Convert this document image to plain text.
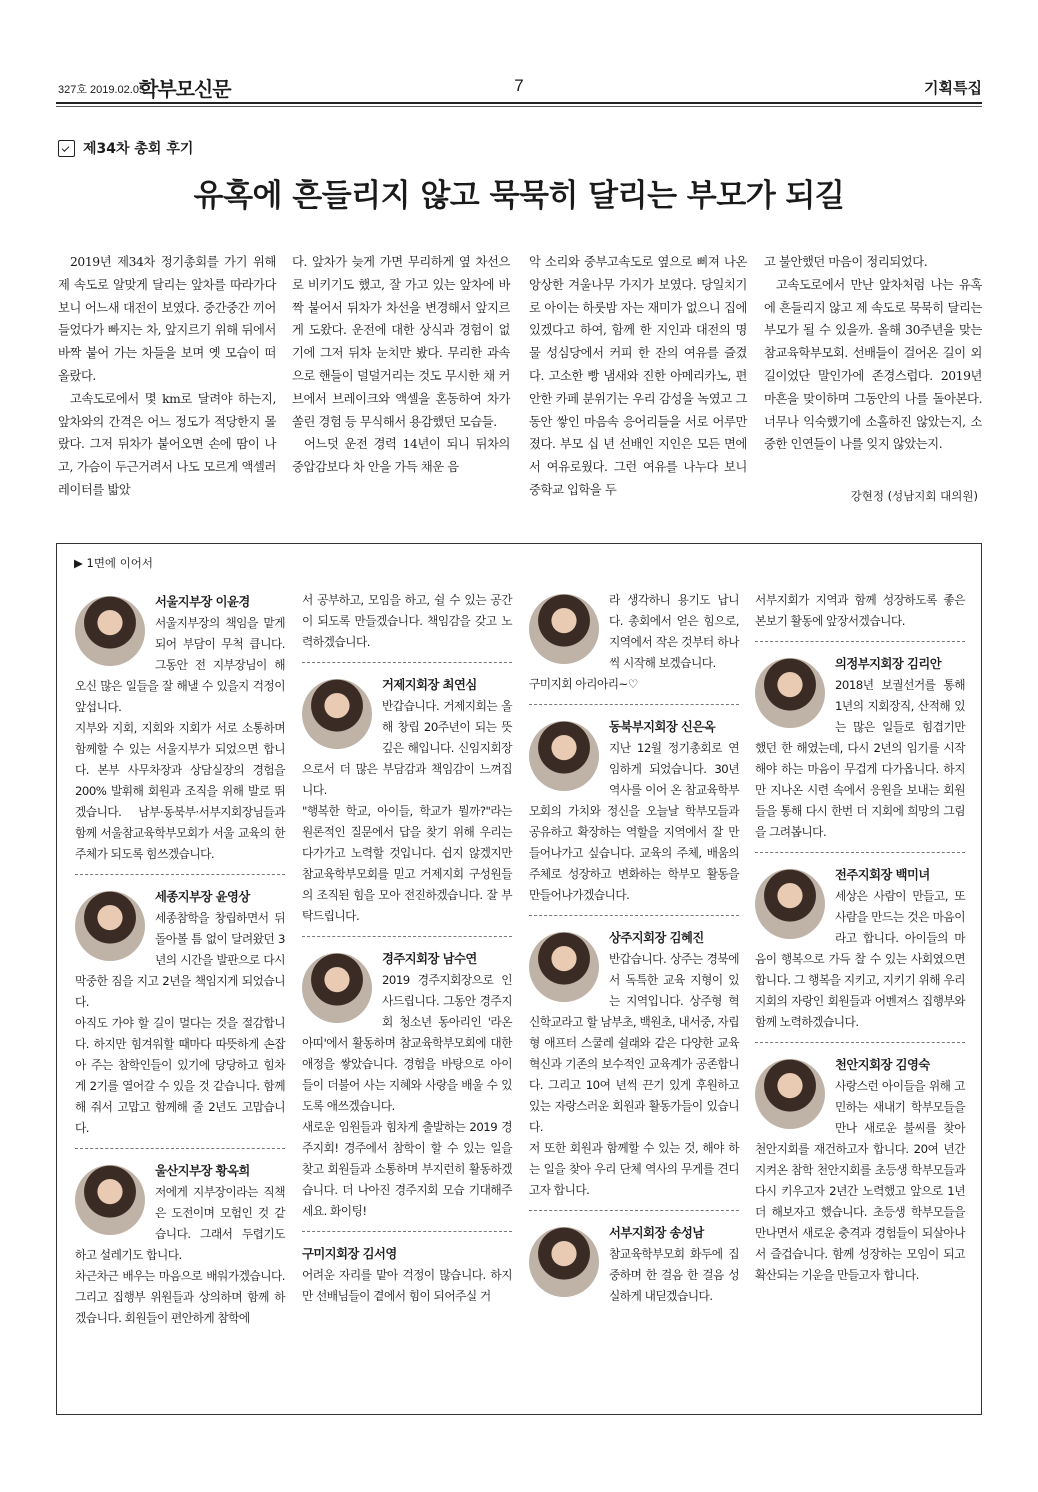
327호 2019.02.05.
학부모신문	7	기획특집
제34차 총회 후기
유혹에 흔들리지 않고 묵묵히 달리는 부모가 되길

2019년 제34차 정기총회를 가기 위해 제 속도로 알맞게 달리는 앞차를 따라가다 보니 어느새 대전이 보였다. 중간중간 끼어들었다가 빠지는 차, 앞지르기 위해 뒤에서 바짝 붙어 가는 차들을 보며 옛 모습이 떠올랐다.

고속도로에서 몇 km로 달려야 하는지, 앞차와의 간격은 어느 정도가 적당한지 몰랐다. 그저 뒤차가 붙어오면 손에 땀이 나고, 가슴이 두근거려서 나도 모르게 액셀러레이터를 밟았

다. 앞차가 늦게 가면 무리하게 옆 차선으로 비키기도 했고, 잘 가고 있는 앞차에 바짝 붙어서 뒤차가 차선을 변경해서 앞지르게 도왔다. 운전에 대한 상식과 경험이 없기에 그저 뒤차 눈치만 봤다. 무리한 과속으로 핸들이 덜덜거리는 것도 무시한 채 커브에서 브레이크와 액셀을 혼동하여 차가 쏠린 경험 등 무식해서 용감했던 모습들.

어느덧 운전 경력 14년이 되니 뒤차의 중압감보다 차 안을 가득 채운 음

악 소리와 중부고속도로 옆으로 삐져 나온 앙상한 겨울나무 가지가 보였다. 당일치기로 아이는 하룻밤 자는 재미가 없으니 집에 있겠다고 하여, 함께 한 지인과 대전의 명물 성심당에서 커피 한 잔의 여유를 즐겼다. 고소한 빵 냄새와 진한 아메리카노, 편안한 카페 분위기는 우리 감성을 녹였고 그동안 쌓인 마음속 응어리들을 서로 어루만졌다. 부모 십 년 선배인 지인은 모든 면에서 여유로웠다. 그런 여유를 나누다 보니 중학교 입학을 두

고 불안했던 마음이 정리되었다.

고속도로에서 만난 앞차처럼 나는 유혹에 흔들리지 않고 제 속도로 묵묵히 달리는 부모가 될 수 있을까. 올해 30주년을 맞는 참교육학부모회. 선배들이 걸어온 길이 외길이었단 말인가에 존경스럽다. 2019년 마흔을 맞이하며 그동안의 나를 돌아본다. 너무나 익숙했기에 소홀하진 않았는지, 소중한 인연들이 나를 잊지 않았는지.

강현정 (성남지회 대의원)
▶ 1면에 이어서

서울지부장 이윤경
서울지부장의 책임을 맡게 되어 부담이 무척 큽니다. 그동안 전 지부장님이 해 오신 많은 일들을 잘 해낼 수 있을지 걱정이 앞섭니다.

지부와 지회, 지회와 지회가 서로 소통하며 함께할 수 있는 서울지부가 되었으면 합니다. 본부 사무차장과 상담실장의 경험을 200% 발휘해 회원과 조직을 위해 발로 뛰겠습니다. 남부·동북부·서부지회장님들과 함께 서울참교육학부모회가 서울 교육의 한 주체가 되도록 힘쓰겠습니다.

세종지부장 윤영상
세종참학을 창립하면서 뒤돌아볼 틈 없이 달려왔던 3년의 시간을 발판으로 다시 막중한 짐을 지고 2년을 책임지게 되었습니다.

아직도 가야 할 길이 멀다는 것을 절감합니다. 하지만 힘겨워할 때마다 따뜻하게 손잡아 주는 참학인들이 있기에 당당하고 힘차게 2기를 열어갈 수 있을 것 같습니다. 함께해 줘서 고맙고 함께해 줄 2년도 고맙습니다.

울산지부장 황옥희
저에게 지부장이라는 직책은 도전이며 모험인 것 같습니다. 그래서 두렵기도 하고 설레기도 합니다.

차근차근 배우는 마음으로 배워가겠습니다. 그리고 집행부 위원들과 상의하며 함께 하겠습니다. 회원들이 편안하게 참학에

서 공부하고, 모임을 하고, 쉴 수 있는 공간이 되도록 만들겠습니다. 책임감을 갖고 노력하겠습니다.

거제지회장 최연심
반갑습니다. 거제지회는 올해 창립 20주년이 되는 뜻깊은 해입니다. 신임지회장으로서 더 많은 부담감과 책임감이 느껴집니다.

"행복한 학교, 아이들, 학교가 뭘까?"라는 원론적인 질문에서 답을 찾기 위해 우리는 다가가고 노력할 것입니다. 쉽지 않겠지만 참교육학부모회를 믿고 거제지회 구성원들의 조직된 힘을 모아 전진하겠습니다. 잘 부탁드립니다.

경주지회장 남수연
2019 경주지회장으로 인사드립니다. 그동안 경주지회 청소년 동아리인 '라온아띠'에서 활동하며 참교육학부모회에 대한 애정을 쌓았습니다. 경험을 바탕으로 아이들이 더불어 사는 지혜와 사랑을 배울 수 있도록 애쓰겠습니다.

새로운 임원들과 힘차게 출발하는 2019 경주지회! 경주에서 참학이 할 수 있는 일을 찾고 회원들과 소통하며 부지런히 활동하겠습니다. 더 나아진 경주지회 모습 기대해주세요. 화이팅!

구미지회장 김서영
어려운 자리를 맡아 걱정이 많습니다. 하지만 선배님들이 곁에서 힘이 되어주실 거

라 생각하니 용기도 납니다. 총회에서 얻은 힘으로, 지역에서 작은 것부터 하나씩 시작해 보겠습니다.

구미지회 아리아리~♡

동북부지회장 신은옥
지난 12월 정기총회로 연임하게 되었습니다. 30년 역사를 이어 온 참교육학부모회의 가치와 정신을 오늘날 학부모들과 공유하고 확장하는 역할을 지역에서 잘 만들어나가고 싶습니다. 교육의 주체, 배움의 주체로 성장하고 변화하는 학부모 활동을 만들어나가겠습니다.

상주지회장 김혜진
반갑습니다. 상주는 경북에서 독특한 교육 지형이 있는 지역입니다. 상주형 혁신학교라고 할 남부초, 백원초, 내서중, 자립형 애프터 스쿨레 쉴래와 같은 다양한 교육 혁신과 기존의 보수적인 교육계가 공존합니다. 그리고 10여 년씩 끈기 있게 후원하고 있는 자랑스러운 회원과 활동가들이 있습니다.

저 또한 회원과 함께할 수 있는 것, 해야 하는 일을 찾아 우리 단체 역사의 무게를 견디고자 합니다.

서부지회장 송성남
참교육학부모회 화두에 집중하며 한 걸음 한 걸음 성실하게 내딛겠습니다.

서부지회가 지역과 함께 성장하도록 좋은 본보기 활동에 앞장서겠습니다.

의정부지회장 김리안
2018년 보궐선거를 통해 1년의 지회장직, 산적해 있는 많은 일들로 힘겹기만 했던 한 해였는데, 다시 2년의 임기를 시작해야 하는 마음이 무겁게 다가옵니다. 하지만 지나온 시련 속에서 응원을 보내는 회원들을 통해 다시 한번 더 지회에 희망의 그림을 그려봅니다.

전주지회장 백미녀
세상은 사람이 만들고, 또 사람을 만드는 것은 마음이라고 합니다. 아이들의 마음이 행복으로 가득 찰 수 있는 사회였으면 합니다. 그 행복을 지키고, 지키기 위해 우리 지회의 자랑인 회원들과 어벤져스 집행부와 함께 노력하겠습니다.

천안지회장 김영숙
사랑스런 아이들을 위해 고민하는 새내기 학부모들을 만나 새로운 불씨를 찾아 천안지회를 재건하고자 합니다. 20여 년간 지켜온 참학 천안지회를 초등생 학부모들과 다시 키우고자 2년간 노력했고 앞으로 1년 더 해보자고 했습니다. 초등생 학부모들을 만나면서 새로운 충격과 경험들이 되살아나서 즐겁습니다. 함께 성장하는 모임이 되고 확산되는 기운을 만들고자 합니다.
